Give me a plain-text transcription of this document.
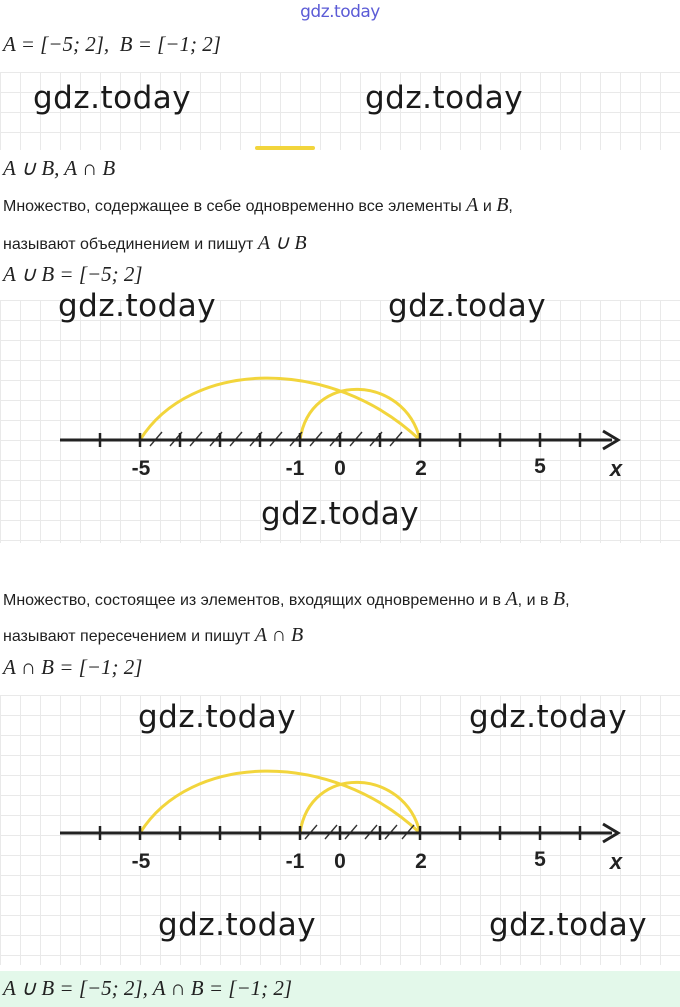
gdz.today
A = [−5; 2], B = [−1; 2]
gdz.today	gdz.today
A ∪ B, A ∩ B
Множество, содержащее в себе одновременно все элементы A и B,
называют объединением и пишут A ∪ B
A ∪ B = [−5; 2]
gdz.today	gdz.today
gdz.today
-5	-1 0	2	5	x
Множество, состоящее из элементов, входящих одновременно и в A, и в B,
называют пересечением и пишут A ∩ B
A ∩ B = [−1; 2]
gdz.today	gdz.today
gdz.today	gdz.today
-5	-1 0	2	5	x
A ∪ B = [−5; 2], A ∩ B = [−1; 2]
